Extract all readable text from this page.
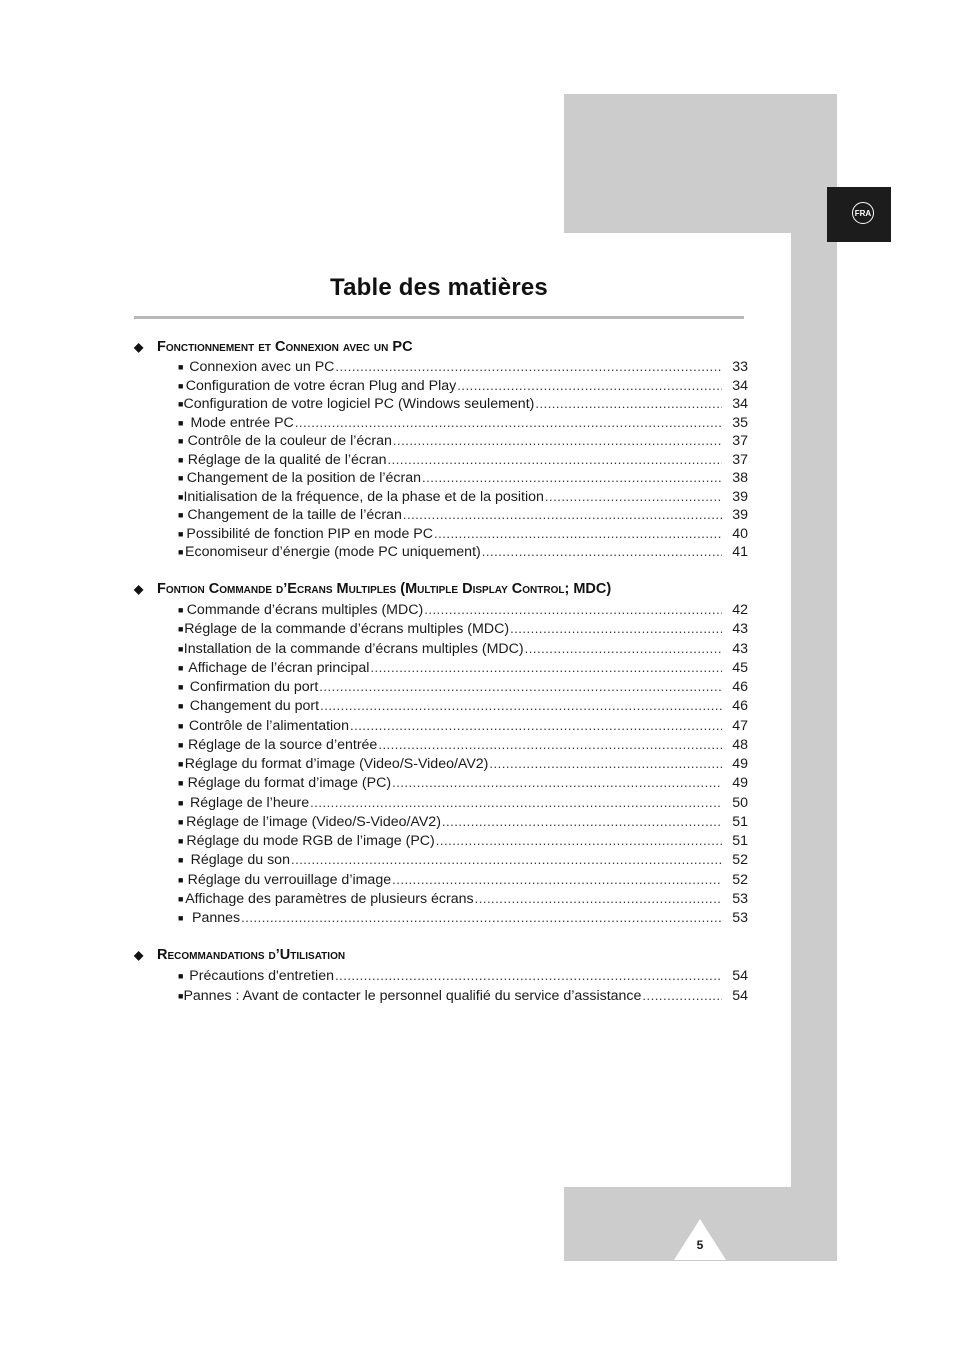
FRA
5
Table des matières
◆ Fonctionnement et Connexion avec un PC
■ Connexion avec un PC .....	33
■ Configuration de votre écran Plug and Play .....	34
■ Configuration de votre logiciel PC (Windows seulement) .....	34
■ Mode entrée PC .....	35
■ Contrôle de la couleur de l’écran .....	37
■ Réglage de la qualité de l’écran .....	37
■ Changement de la position de l’écran .....	38
■ Initialisation de la fréquence, de la phase et de la position .....	39
■ Changement de la taille de l’écran .....	39
■ Possibilité de fonction PIP en mode PC .....	40
■ Economiseur d’énergie (mode PC uniquement) .....	41
◆ Fontion Commande d’Ecrans Multiples (Multiple Display Control; MDC)
■ Commande d’écrans multiples (MDC) .....	42
■ Réglage de la commande d’écrans multiples (MDC) .....	43
■ Installation de la commande d’écrans multiples (MDC) .....	43
■ Affichage de l’écran principal .....	45
■ Confirmation du port .....	46
■ Changement du port .....	46
■ Contrôle de l’alimentation .....	47
■ Réglage de la source d’entrée .....	48
■ Réglage du format d’image (Video/S-Video/AV2) .....	49
■ Réglage du format d’image (PC) .....	49
■ Réglage de l’heure .....	50
■ Réglage de l’image (Video/S-Video/AV2) .....	51
■ Réglage du mode RGB de l’image (PC) .....	51
■ Réglage du son .....	52
■ Réglage du verrouillage d’image .....	52
■ Affichage des paramètres de plusieurs écrans .....	53
■ Pannes .....	53
◆ Recommandations d’Utilisation
■ Précautions d'entretien .....	54
■ Pannes : Avant de contacter le personnel qualifié du service d’assistance .....	54
